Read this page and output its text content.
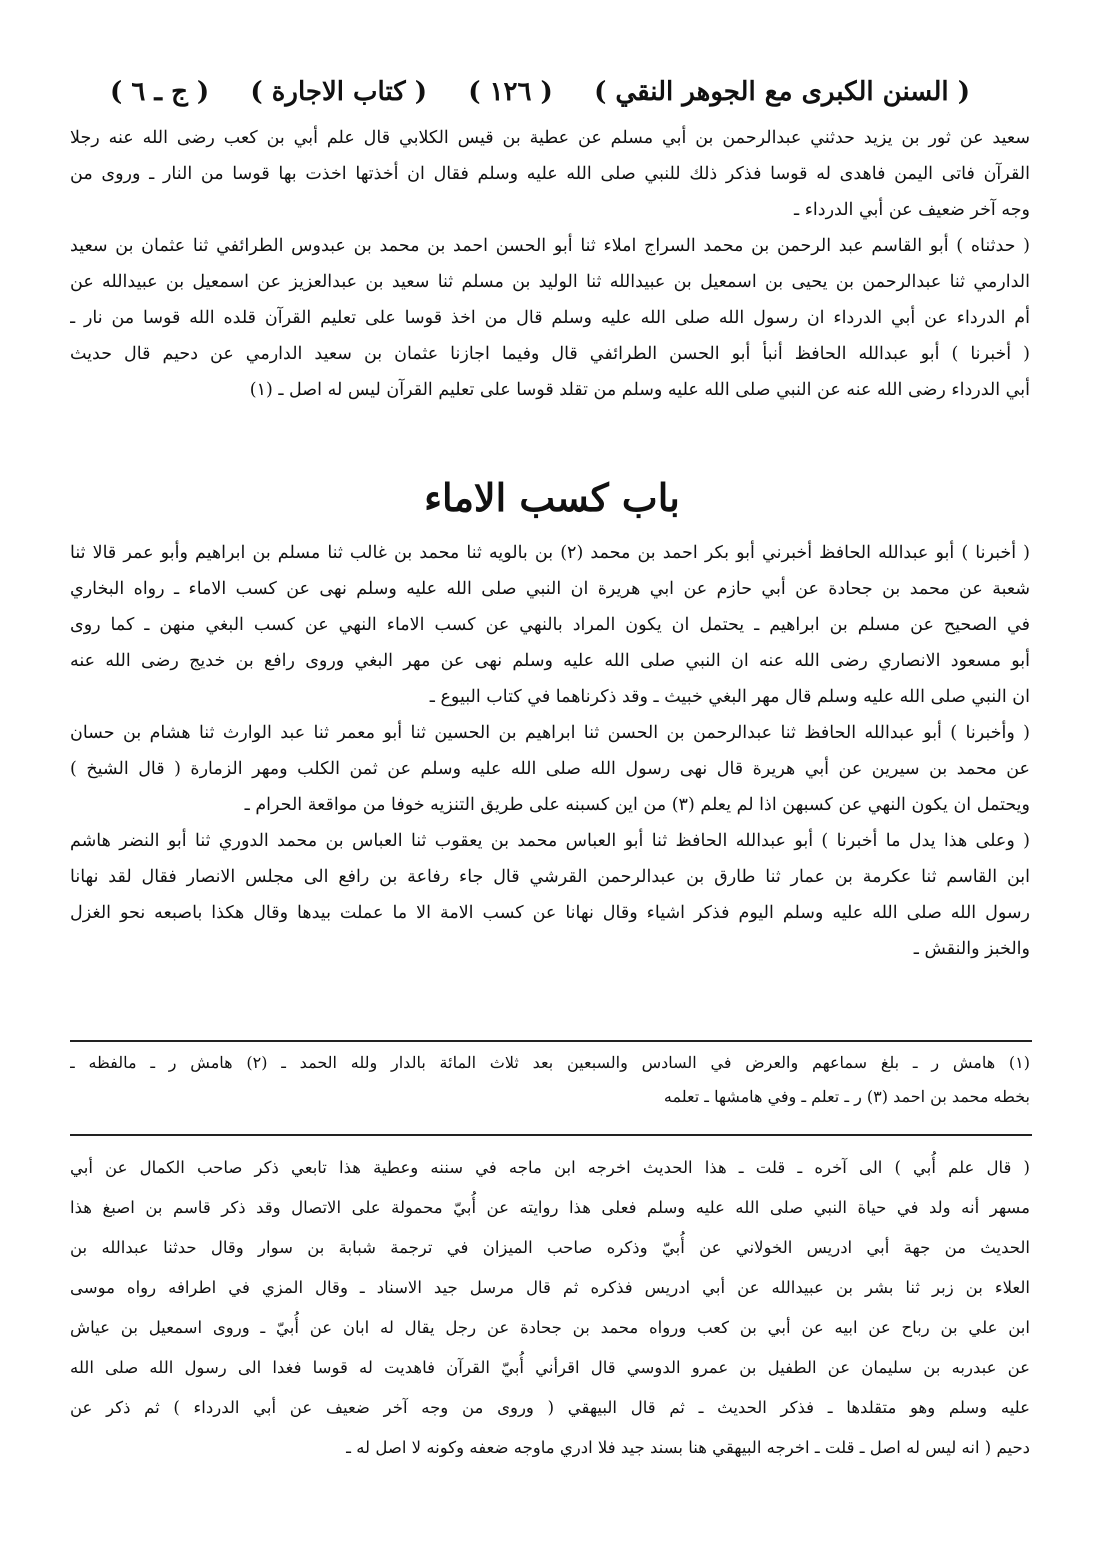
( السنن الكبرى مع الجوهر النقي )
( ١٢٦ )
( كتاب الاجارة )
( ج ـ ٦ )
سعيد عن ثور بن يزيد حدثني عبدالرحمن بن أبي مسلم عن عطية بن قيس الكلابي قال علم أبي بن كعب رضى الله عنه رجلا
القرآن فاتى اليمن فاهدى له قوسا فذكر ذلك للنبي صلى الله عليه وسلم فقال ان أخذتها اخذت بها قوسا من النار ـ وروى من
وجه آخر ضعيف عن أبي الدرداء ـ
( حدثناه ) أبو القاسم عبد الرحمن بن محمد السراج املاء ثنا أبو الحسن احمد بن محمد بن عبدوس الطرائفي ثنا عثمان بن سعيد
الدارمي ثنا عبدالرحمن بن يحيى بن اسمعيل بن عبيدالله ثنا الوليد بن مسلم ثنا سعيد بن عبدالعزيز عن اسمعيل بن عبيدالله عن
أم الدرداء عن أبي الدرداء ان رسول الله صلى الله عليه وسلم قال من اخذ قوسا على تعليم القرآن قلده الله قوسا من نار ـ
( أخبرنا ) أبو عبدالله الحافظ أنبأ أبو الحسن الطرائفي قال وفيما اجازنا عثمان بن سعيد الدارمي عن دحيم قال حديث
أبي الدرداء رضى الله عنه عن النبي صلى الله عليه وسلم من تقلد قوسا على تعليم القرآن ليس له اصل ـ (١)
باب كسب الاماء
( أخبرنا ) أبو عبدالله الحافظ أخبرني أبو بكر احمد بن محمد (٢) بن بالويه ثنا محمد بن غالب ثنا مسلم بن ابراهيم وأبو عمر قالا ثنا
شعبة عن محمد بن جحادة عن أبي حازم عن ابي هريرة ان النبي صلى الله عليه وسلم نهى عن كسب الاماء ـ رواه البخاري
في الصحيح عن مسلم بن ابراهيم ـ يحتمل ان يكون المراد بالنهي عن كسب الاماء النهي عن كسب البغي منهن ـ كما روى
أبو مسعود الانصاري رضى الله عنه ان النبي صلى الله عليه وسلم نهى عن مهر البغي وروى رافع بن خديج رضى الله عنه
ان النبي صلى الله عليه وسلم قال مهر البغي خبيث ـ وقد ذكرناهما في كتاب البيوع ـ
( وأخبرنا ) أبو عبدالله الحافظ ثنا عبدالرحمن بن الحسن ثنا ابراهيم بن الحسين ثنا أبو معمر ثنا عبد الوارث ثنا هشام بن حسان
عن محمد بن سيرين عن أبي هريرة قال نهى رسول الله صلى الله عليه وسلم عن ثمن الكلب ومهر الزمارة ( قال الشيخ )
ويحتمل ان يكون النهي عن كسبهن اذا لم يعلم (٣) من اين كسبنه على طريق التنزيه خوفا من مواقعة الحرام ـ
( وعلى هذا يدل ما أخبرنا ) أبو عبدالله الحافظ ثنا أبو العباس محمد بن يعقوب ثنا العباس بن محمد الدوري ثنا أبو النضر هاشم
ابن القاسم ثنا عكرمة بن عمار ثنا طارق بن عبدالرحمن القرشي قال جاء رفاعة بن رافع الى مجلس الانصار فقال لقد نهانا
رسول الله صلى الله عليه وسلم اليوم فذكر اشياء وقال نهانا عن كسب الامة الا ما عملت بيدها وقال هكذا باصبعه نحو الغزل
والخبز والنقش ـ
(١) هامش ر ـ بلغ سماعهم والعرض في السادس والسبعين بعد ثلاث المائة بالدار ولله الحمد ـ (٢) هامش ر ـ مالفظه ـ
بخطه محمد بن احمد (٣) ر ـ تعلم ـ وفي هامشها ـ تعلمه
( قال علم أُبي ) الى آخره ـ قلت ـ هذا الحديث اخرجه ابن ماجه في سننه وعطية هذا تابعي ذكر صاحب الكمال عن أبي
مسهر أنه ولد في حياة النبي صلى الله عليه وسلم فعلى هذا روايته عن أُبيّ محمولة على الاتصال وقد ذكر قاسم بن اصبغ هذا
الحديث من جهة أبي ادريس الخولاني عن أُبيّ وذكره صاحب الميزان في ترجمة شبابة بن سوار وقال حدثنا عبدالله بن
العلاء بن زبر ثنا بشر بن عبيدالله عن أبي ادريس فذكره ثم قال مرسل جيد الاسناد ـ وقال المزي في اطرافه رواه موسى
ابن علي بن رباح عن ابيه عن أبي بن كعب ورواه محمد بن جحادة عن رجل يقال له ابان عن أُبيّ ـ وروى اسمعيل بن عياش
عن عبدربه بن سليمان عن الطفيل بن عمرو الدوسي قال اقرأني أُبيّ القرآن فاهديت له قوسا فغدا الى رسول الله صلى الله
عليه وسلم وهو متقلدها ـ فذكر الحديث ـ ثم قال البيهقي ( وروى من وجه آخر ضعيف عن أبي الدرداء ) ثم ذكر عن
دحيم ( انه ليس له اصل ـ قلت ـ اخرجه البيهقي هنا بسند جيد فلا ادري ماوجه ضعفه وكونه لا اصل له ـ
